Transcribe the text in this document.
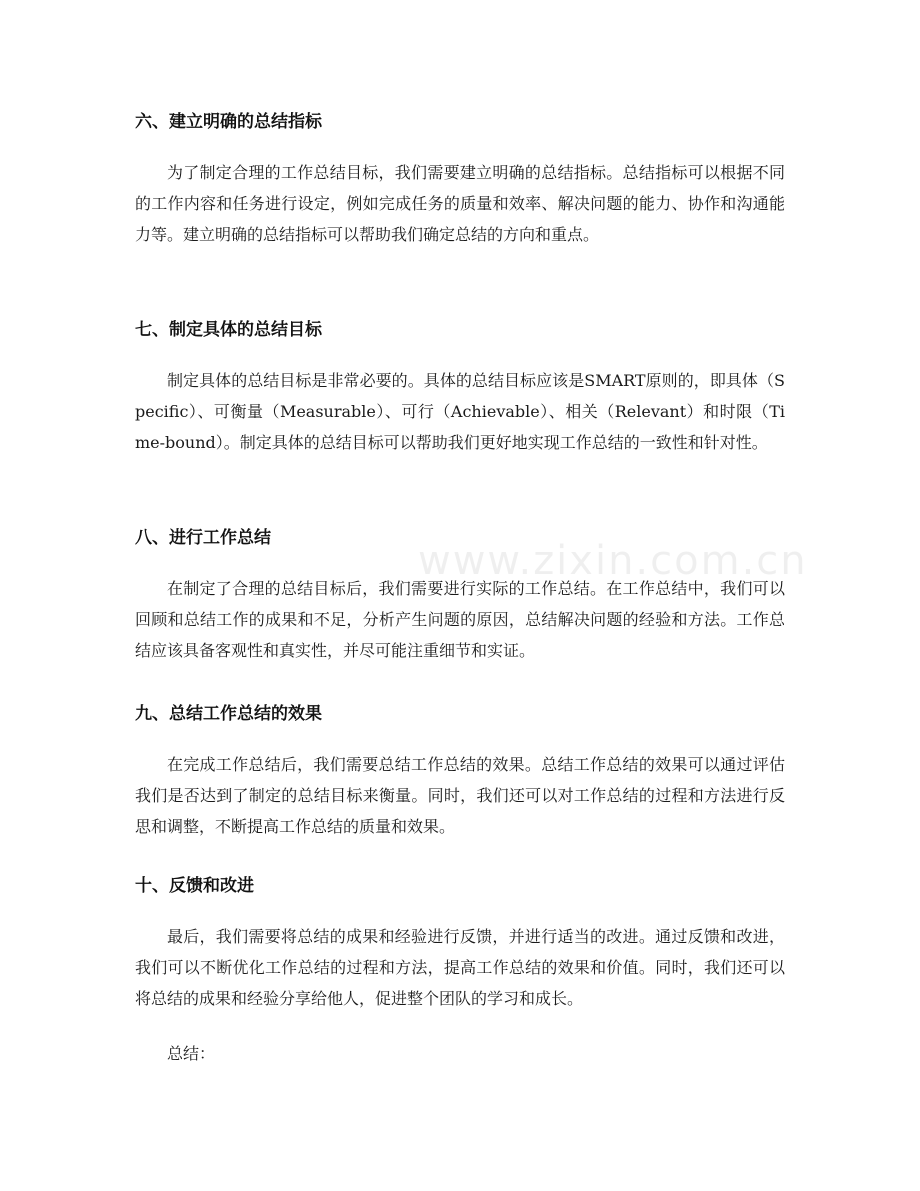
www.zixin.com.cn
六、建立明确的总结指标

为了制定合理的工作总结目标，我们需要建立明确的总结指标。总结指标可以根据不同的工作内容和任务进行设定，例如完成任务的质量和效率、解决问题的能力、协作和沟通能力等。建立明确的总结指标可以帮助我们确定总结的方向和重点。

七、制定具体的总结目标

制定具体的总结目标是非常必要的。具体的总结目标应该是SMART原则的，即具体（Specific）、可衡量（Measurable）、可行（Achievable）、相关（Relevant）和时限（Time-bound）。制定具体的总结目标可以帮助我们更好地实现工作总结的一致性和针对性。

八、进行工作总结

在制定了合理的总结目标后，我们需要进行实际的工作总结。在工作总结中，我们可以回顾和总结工作的成果和不足，分析产生问题的原因，总结解决问题的经验和方法。工作总结应该具备客观性和真实性，并尽可能注重细节和实证。

九、总结工作总结的效果

在完成工作总结后，我们需要总结工作总结的效果。总结工作总结的效果可以通过评估我们是否达到了制定的总结目标来衡量。同时，我们还可以对工作总结的过程和方法进行反思和调整，不断提高工作总结的质量和效果。

十、反馈和改进

最后，我们需要将总结的成果和经验进行反馈，并进行适当的改进。通过反馈和改进，我们可以不断优化工作总结的过程和方法，提高工作总结的效果和价值。同时，我们还可以将总结的成果和经验分享给他人，促进整个团队的学习和成长。

总结：
